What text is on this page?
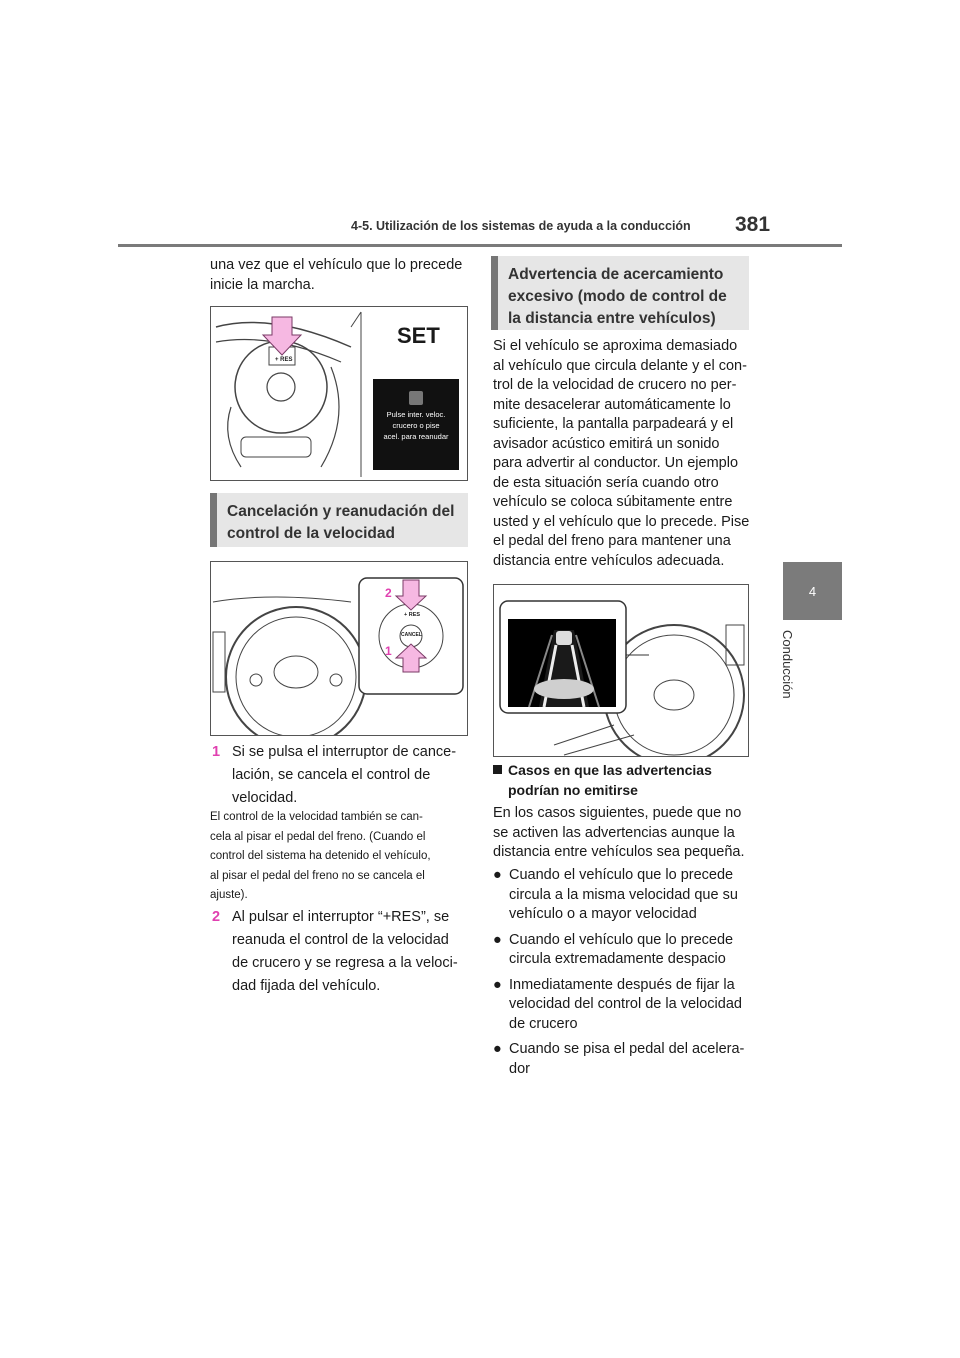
4-5. Utilización de los sistemas de ayuda a la conducción 381
4
Conducción
una vez que el vehículo que lo precede
inicie la marcha.
+ RES
SET
Pulse inter. veloc.
crucero o pise
acel. para reanudar
Cancelación y reanudación del
control de la velocidad
2
1
+ RES
CANCEL
1 Si se pulsa el interruptor de cance-
lación, se cancela el control de
velocidad.
El control de la velocidad también se can-
cela al pisar el pedal del freno. (Cuando el
control del sistema ha detenido el vehículo,
al pisar el pedal del freno no se cancela el
ajuste).
2 Al pulsar el interruptor “+RES”, se
reanuda el control de la velocidad
de crucero y se regresa a la veloci-
dad fijada del vehículo.
Advertencia de acercamiento
excesivo (modo de control de
la distancia entre vehículos)
Si el vehículo se aproxima demasiado
al vehículo que circula delante y el con-
trol de la velocidad de crucero no per-
mite desacelerar automáticamente lo
suficiente, la pantalla parpadeará y el
avisador acústico emitirá un sonido
para advertir al conductor. Un ejemplo
de esta situación sería cuando otro
vehículo se coloca súbitamente entre
usted y el vehículo que lo precede. Pise
el pedal del freno para mantener una
distancia entre vehículos adecuada.
Casos en que las advertencias
podrían no emitirse
En los casos siguientes, puede que no
se activen las advertencias aunque la
distancia entre vehículos sea pequeña.
● Cuando el vehículo que lo precede
circula a la misma velocidad que su
vehículo o a mayor velocidad
● Cuando el vehículo que lo precede
circula extremadamente despacio
● Inmediatamente después de fijar la
velocidad del control de la velocidad
de crucero
● Cuando se pisa el pedal del acelera-
dor
